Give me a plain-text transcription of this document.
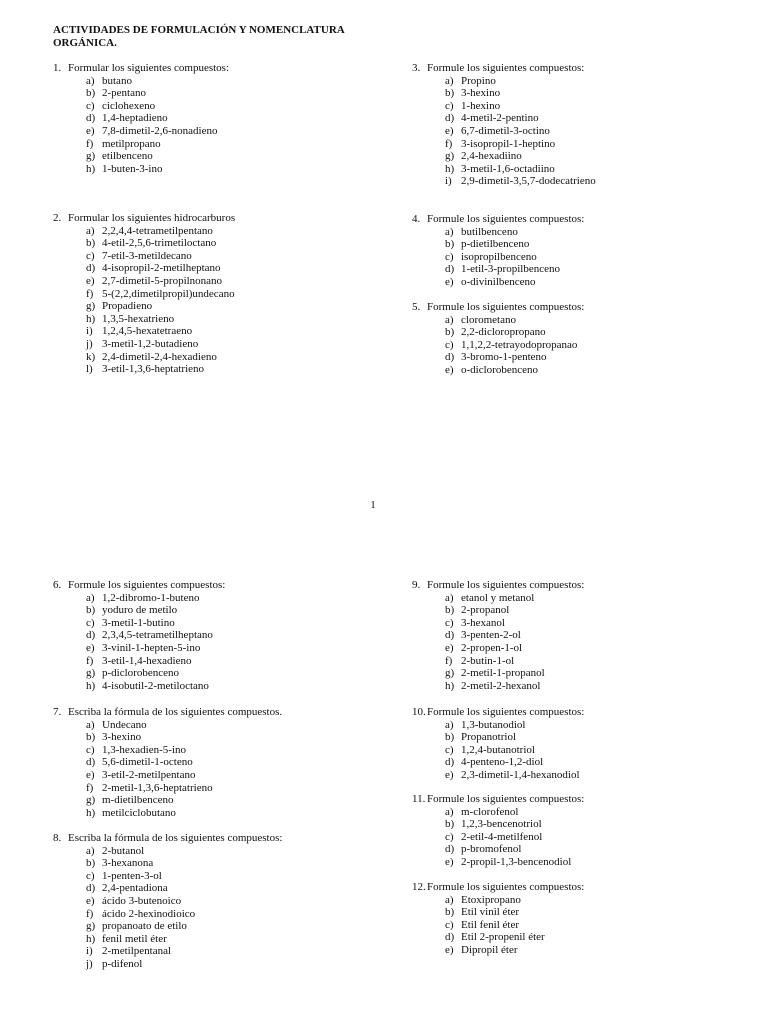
ACTIVIDADES DE FORMULACIÓN Y NOMENCLATURA
ORGÁNICA.
1. Formular los siguientes compuestos:
a) butano
b) 2-pentano
c) ciclohexeno
d) 1,4-heptadieno
e) 7,8-dimetil-2,6-nonadieno
f) metilpropano
g) etilbenceno
h) 1-buten-3-ino
2. Formular los siguientes hidrocarburos
a) 2,2,4,4-tetrametilpentano
b) 4-etil-2,5,6-trimetiloctano
c) 7-etil-3-metildecano
d) 4-isopropil-2-metilheptano
e) 2,7-dimetil-5-propilnonano
f) 5-(2,2,dimetilpropil)undecano
g) Propadieno
h) 1,3,5-hexatrieno
i) 1,2,4,5-hexatetraeno
j) 3-metil-1,2-butadieno
k) 2,4-dimetil-2,4-hexadieno
l) 3-etil-1,3,6-heptatrieno
3. Formule los siguientes compuestos:
a) Propino
b) 3-hexino
c) 1-hexino
d) 4-metil-2-pentino
e) 6,7-dimetil-3-octino
f) 3-isopropil-1-heptino
g) 2,4-hexadiino
h) 3-metil-1,6-octadiino
i) 2,9-dimetil-3,5,7-dodecatrieno
4. Formule los siguientes compuestos:
a) butilbenceno
b) p-dietilbenceno
c) isopropilbenceno
d) 1-etil-3-propilbenceno
e) o-divinilbenceno
5. Formule los siguientes compuestos:
a) clorometano
b) 2,2-dicloropropano
c) 1,1,2,2-tetrayodopropanao
d) 3-bromo-1-penteno
e) o-diclorobenceno
1
6. Formule los siguientes compuestos:
a) 1,2-dibromo-1-buteno
b) yoduro de metilo
c) 3-metil-1-butino
d) 2,3,4,5-tetrametilheptano
e) 3-vinil-1-hepten-5-ino
f) 3-etil-1,4-hexadieno
g) p-diclorobenceno
h) 4-isobutil-2-metiloctano
7. Escriba la fórmula de los siguientes compuestos.
a) Undecano
b) 3-hexino
c) 1,3-hexadien-5-ino
d) 5,6-dimetil-1-octeno
e) 3-etil-2-metilpentano
f) 2-metil-1,3,6-heptatrieno
g) m-dietilbenceno
h) metilciclobutano
8. Escriba la fórmula de los siguientes compuestos:
a) 2-butanol
b) 3-hexanona
c) 1-penten-3-ol
d) 2,4-pentadiona
e) ácido 3-butenoico
f) ácido 2-hexinodioico
g) propanoato de etilo
h) fenil metil éter
i) 2-metilpentanal
j) p-difenol
9. Formule los siguientes compuestos:
a) etanol y metanol
b) 2-propanol
c) 3-hexanol
d) 3-penten-2-ol
e) 2-propen-1-ol
f) 2-butin-1-ol
g) 2-metil-1-propanol
h) 2-metil-2-hexanol
10.Formule los siguientes compuestos:
a) 1,3-butanodiol
b) Propanotriol
c) 1,2,4-butanotriol
d) 4-penteno-1,2-diol
e) 2,3-dimetil-1,4-hexanodiol
11. Formule los siguientes compuestos:
a) m-clorofenol
b) 1,2,3-bencenotriol
c) 2-etil-4-metilfenol
d) p-bromofenol
e) 2-propil-1,3-bencenodiol
12.Formule los siguientes compuestos:
a) Etoxipropano
b) Etil vinil éter
c) Etil fenil éter
d) Etil 2-propenil éter
e) Dipropil éter
